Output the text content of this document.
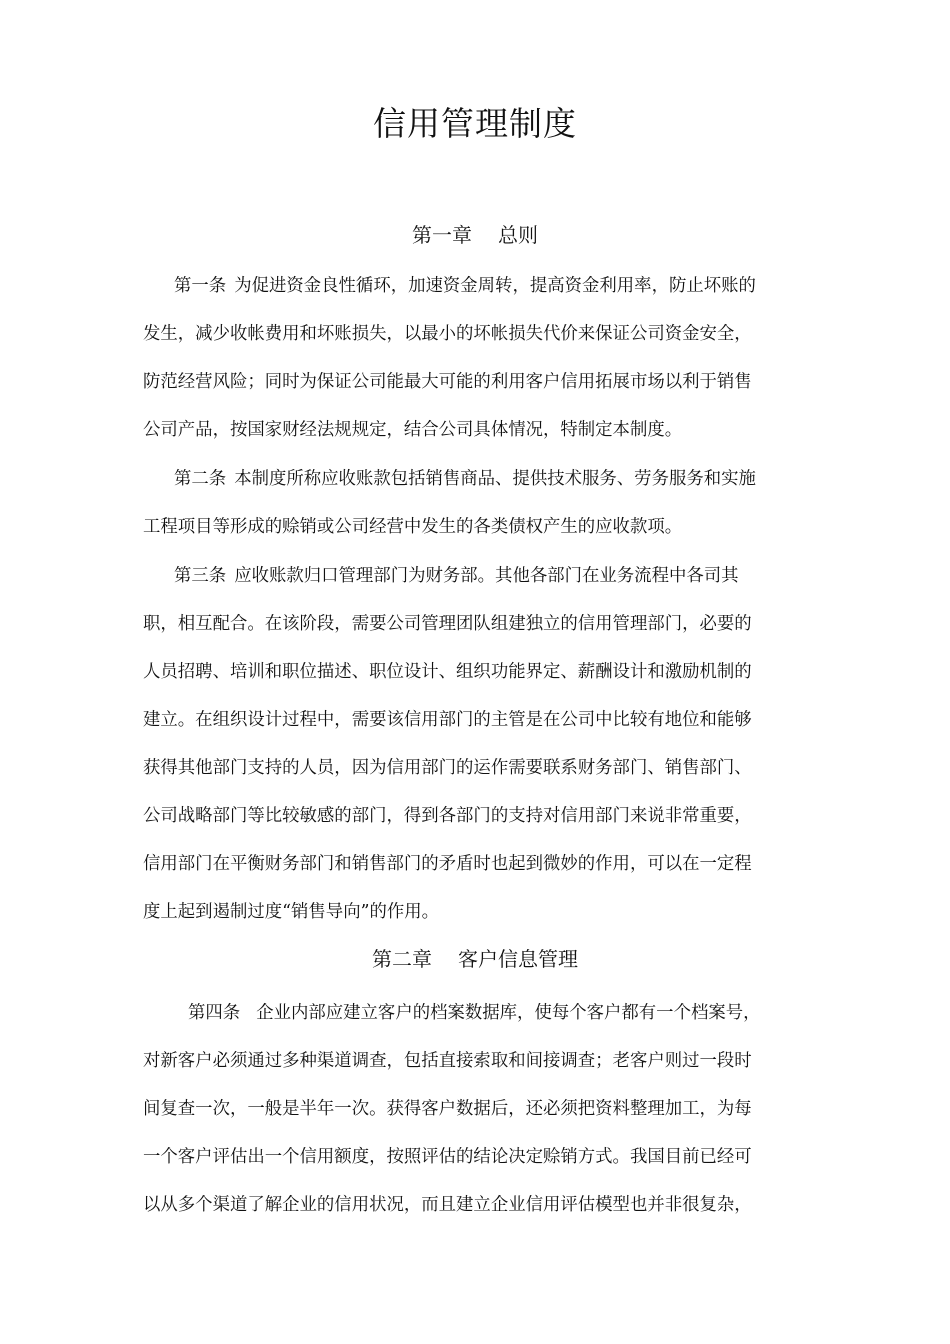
信用管理制度
第一章 总则
第一条 为促进资金良性循环，加速资金周转，提高资金利用率，防止坏账的
发生，减少收帐费用和坏账损失，以最小的坏帐损失代价来保证公司资金安全，
防范经营风险；同时为保证公司能最大可能的利用客户信用拓展市场以利于销售
公司产品，按国家财经法规规定，结合公司具体情况，特制定本制度。
第二条 本制度所称应收账款包括销售商品、提供技术服务、劳务服务和实施
工程项目等形成的赊销或公司经营中发生的各类债权产生的应收款项。
第三条 应收账款归口管理部门为财务部。其他各部门在业务流程中各司其
职，相互配合。在该阶段，需要公司管理团队组建独立的信用管理部门，必要的
人员招聘、培训和职位描述、职位设计、组织功能界定、薪酬设计和激励机制的
建立。在组织设计过程中，需要该信用部门的主管是在公司中比较有地位和能够
获得其他部门支持的人员，因为信用部门的运作需要联系财务部门、销售部门、
公司战略部门等比较敏感的部门，得到各部门的支持对信用部门来说非常重要，
信用部门在平衡财务部门和销售部门的矛盾时也起到微妙的作用，可以在一定程
度上起到遏制过度“销售导向”的作用。
第二章 客户信息管理
第四条 企业内部应建立客户的档案数据库，使每个客户都有一个档案号，
对新客户必须通过多种渠道调查，包括直接索取和间接调查；老客户则过一段时
间复查一次，一般是半年一次。获得客户数据后，还必须把资料整理加工，为每
一个客户评估出一个信用额度，按照评估的结论决定赊销方式。我国目前已经可
以从多个渠道了解企业的信用状况，而且建立企业信用评估模型也并非很复杂，
